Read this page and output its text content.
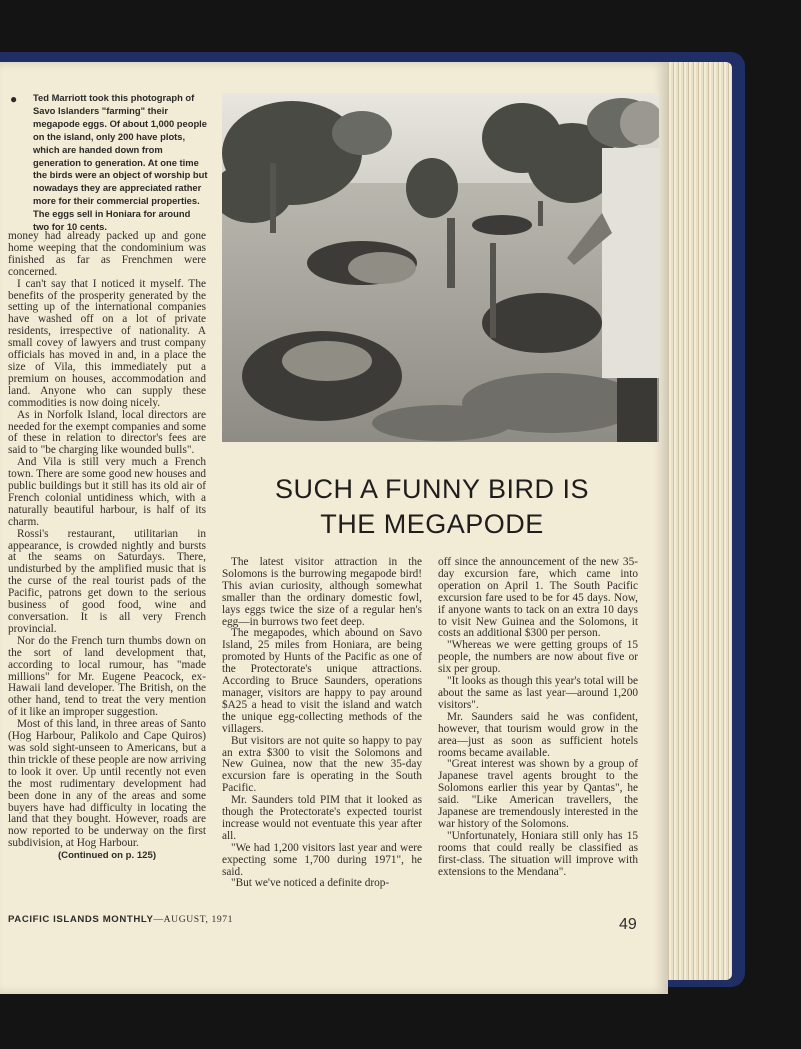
● Ted Marriott took this photograph of Savo Islanders "farming" their megapode eggs. Of about 1,000 people on the island, only 200 have plots, which are handed down from generation to generation. At one time the birds were an object of worship but nowadays they are appreciated rather more for their commercial properties. The eggs sell in Honiara for around two for 10 cents.

money had already packed up and gone home weeping that the condominium was finished as far as Frenchmen were concerned.

I can't say that I noticed it myself. The benefits of the prosperity generated by the setting up of the international companies have washed off on a lot of private residents, irrespective of nationality. A small covey of lawyers and trust company officials has moved in and, in a place the size of Vila, this immediately put a premium on houses, accommodation and land. Anyone who can supply these commodities is now doing nicely.

As in Norfolk Island, local directors are needed for the exempt companies and some of these in relation to director's fees are said to "be charging like wounded bulls".

And Vila is still very much a French town. There are some good new houses and public buildings but it still has its old air of French colonial untidiness which, with a naturally beautiful harbour, is half of its charm.

Rossi's restaurant, utilitarian in appearance, is crowded nightly and bursts at the seams on Saturdays. There, undisturbed by the amplified music that is the curse of the real tourist pads of the Pacific, patrons get down to the serious business of good food, wine and conversation. It is all very French provincial.

Nor do the French turn thumbs down on the sort of land development that, according to local rumour, has "made millions" for Mr. Eugene Peacock, ex-Hawaii land developer. The British, on the other hand, tend to treat the very mention of it like an improper suggestion.

Most of this land, in three areas of Santo (Hog Harbour, Palikolo and Cape Quiros) was sold sight-unseen to Americans, but a thin trickle of these people are now arriving to look it over. Up until recently not even the most rudimentary development had been done in any of the areas and some buyers have had difficulty in locating the land that they bought. However, roads are now reported to be underway on the first subdivision, at Hog Harbour.

(Continued on p. 125)

SUCH A FUNNY BIRD IS
THE MEGAPODE

The latest visitor attraction in the Solomons is the burrowing megapode bird! This avian curiosity, although somewhat smaller than the ordinary domestic fowl, lays eggs twice the size of a regular hen's egg—in burrows two feet deep.

The megapodes, which abound on Savo Island, 25 miles from Honiara, are being promoted by Hunts of the Pacific as one of the Protectorate's unique attractions. According to Bruce Saunders, operations manager, visitors are happy to pay around $A25 a head to visit the island and watch the unique egg-collecting methods of the villagers.

But visitors are not quite so happy to pay an extra $300 to visit the Solomons and New Guinea, now that the new 35-day excursion fare is operating in the South Pacific.

Mr. Saunders told PIM that it looked as though the Protectorate's expected tourist increase would not eventuate this year after all.

"We had 1,200 visitors last year and were expecting some 1,700 during 1971", he said.

"But we've noticed a definite drop-

off since the announcement of the new 35-day excursion fare, which came into operation on April 1. The South Pacific excursion fare used to be for 45 days. Now, if anyone wants to tack on an extra 10 days to visit New Guinea and the Solomons, it costs an additional $300 per person.

"Whereas we were getting groups of 15 people, the numbers are now about five or six per group.

"It looks as though this year's total will be about the same as last year—around 1,200 visitors".

Mr. Saunders said he was confident, however, that tourism would grow in the area—just as soon as sufficient hotels rooms became available.

"Great interest was shown by a group of Japanese travel agents brought to the Solomons earlier this year by Qantas", he said. "Like American travellers, the Japanese are tremendously interested in the war history of the Solomons.

"Unfortunately, Honiara still only has 15 rooms that could really be classified as first-class. The situation will improve with extensions to the Mendana".

PACIFIC ISLANDS MONTHLY—AUGUST, 1971	49
